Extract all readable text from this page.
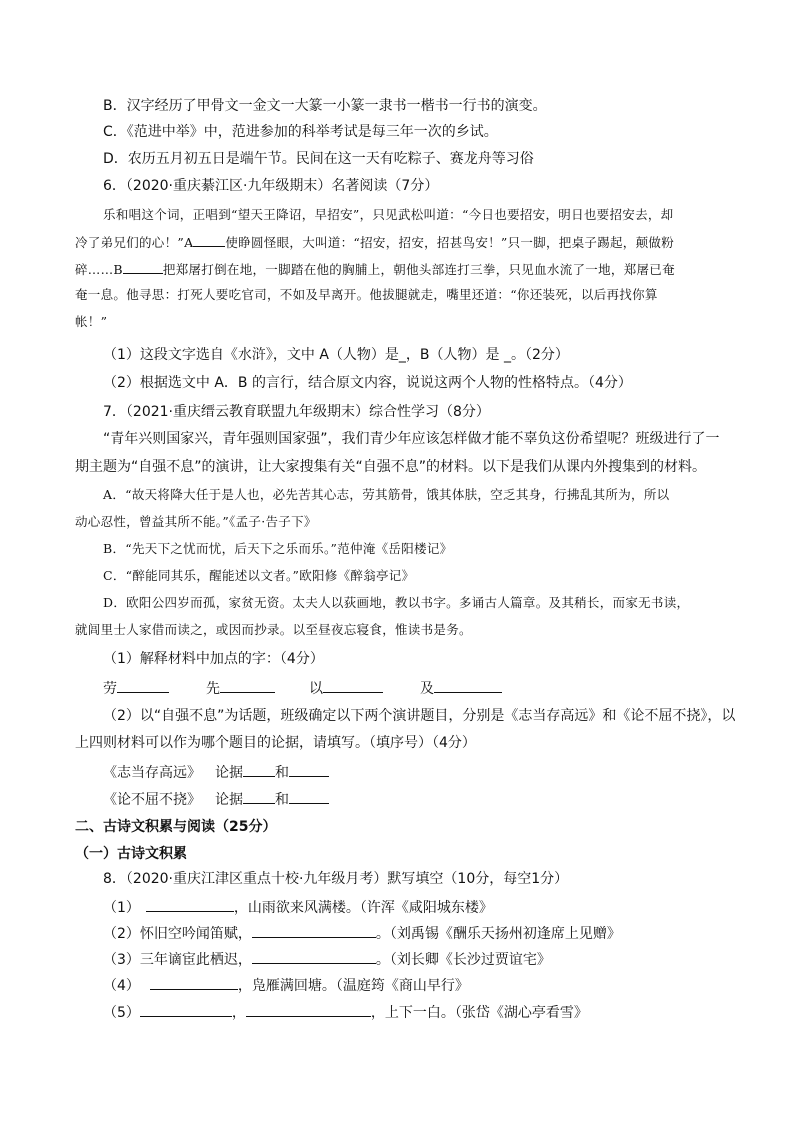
B．汉字经历了甲骨文一金文一大篆一小篆一隶书一楷书一行书的演变。
C．《范进中举》中，范进参加的科举考试是每三年一次的乡试。
D．农历五月初五日是端午节。民间在这一天有吃粽子、赛龙舟等习俗
6．（2020·重庆綦江区·九年级期末）名著阅读（7分）
乐和唱这个词，正唱到“望天王降诏，早招安”，只见武松叫道：“今日也要招安，明日也要招安去，却
冷了弟兄们的心！”A	使睁圆怪眼，大叫道：“招安，招安，招甚鸟安！”只一脚，把桌子踢起，颠做粉
碎……B	把郑屠打倒在地，一脚踏在他的胸脯上，朝他头部连打三拳，只见血水流了一地，郑屠已奄
奄一息。他寻思：打死人要吃官司，不如及早离开。他拔腿就走，嘴里还道：“你还装死，以后再找你算
帐！”
（1）这段文字选自《水浒》，文中 A（人物）是_，B（人物）是 _。（2分）
（2）根据选文中 A．B 的言行，结合原文内容，说说这两个人物的性格特点。（4分）
7．（2021·重庆缙云教育联盟九年级期末）综合性学习（8分）
“青年兴则国家兴，青年强则国家强”，我们青少年应该怎样做才能不辜负这份希望呢？班级进行了一
期主题为“自强不息”的演讲，让大家搜集有关“自强不息”的材料。以下是我们从课内外搜集到的材料。
A．“故天将降大任于是人也，必先苦其心志，劳其筋骨，饿其体肤，空乏其身，行拂乱其所为，所以
动心忍性，曾益其所不能。”《孟子·告子下》
B．“先天下之忧而忧，后天下之乐而乐。”范仲淹《岳阳楼记》
C．“醉能同其乐，醒能述以文者。”欧阳修《醉翁亭记》
D．欧阳公四岁而孤，家贫无资。太夫人以荻画地，教以书字。多诵古人篇章。及其稍长，而家无书读，
就闾里士人家借而读之，或因而抄录。以至昼夜忘寝食，惟读书是务。
（1）解释材料中加点的字：（4分）
劳	先	以	及
（2）以“自强不息”为话题，班级确定以下两个演讲题目，分别是《志当存高远》和《论不屈不挠》，以
上四则材料可以作为哪个题目的论据，请填写。（填序号）（4分）
《志当存高远》 论据 和
《论不屈不挠》 论据 和
二、古诗文积累与阅读（25分）
（一）古诗文积累
8．（2020·重庆江津区重点十校·九年级月考）默写填空（10分，每空1分）
（1）	，山雨欲来风满楼。（许浑《咸阳城东楼》
（2）怀旧空吟闻笛赋，	。（刘禹锡《酬乐天扬州初逢席上见赠》
（3）三年谪宦此栖迟，	。（刘长卿《长沙过贾谊宅》
（4）	，凫雁满回塘。（温庭筠《商山早行》
（5）	，	，上下一白。（张岱《湖心亭看雪》
